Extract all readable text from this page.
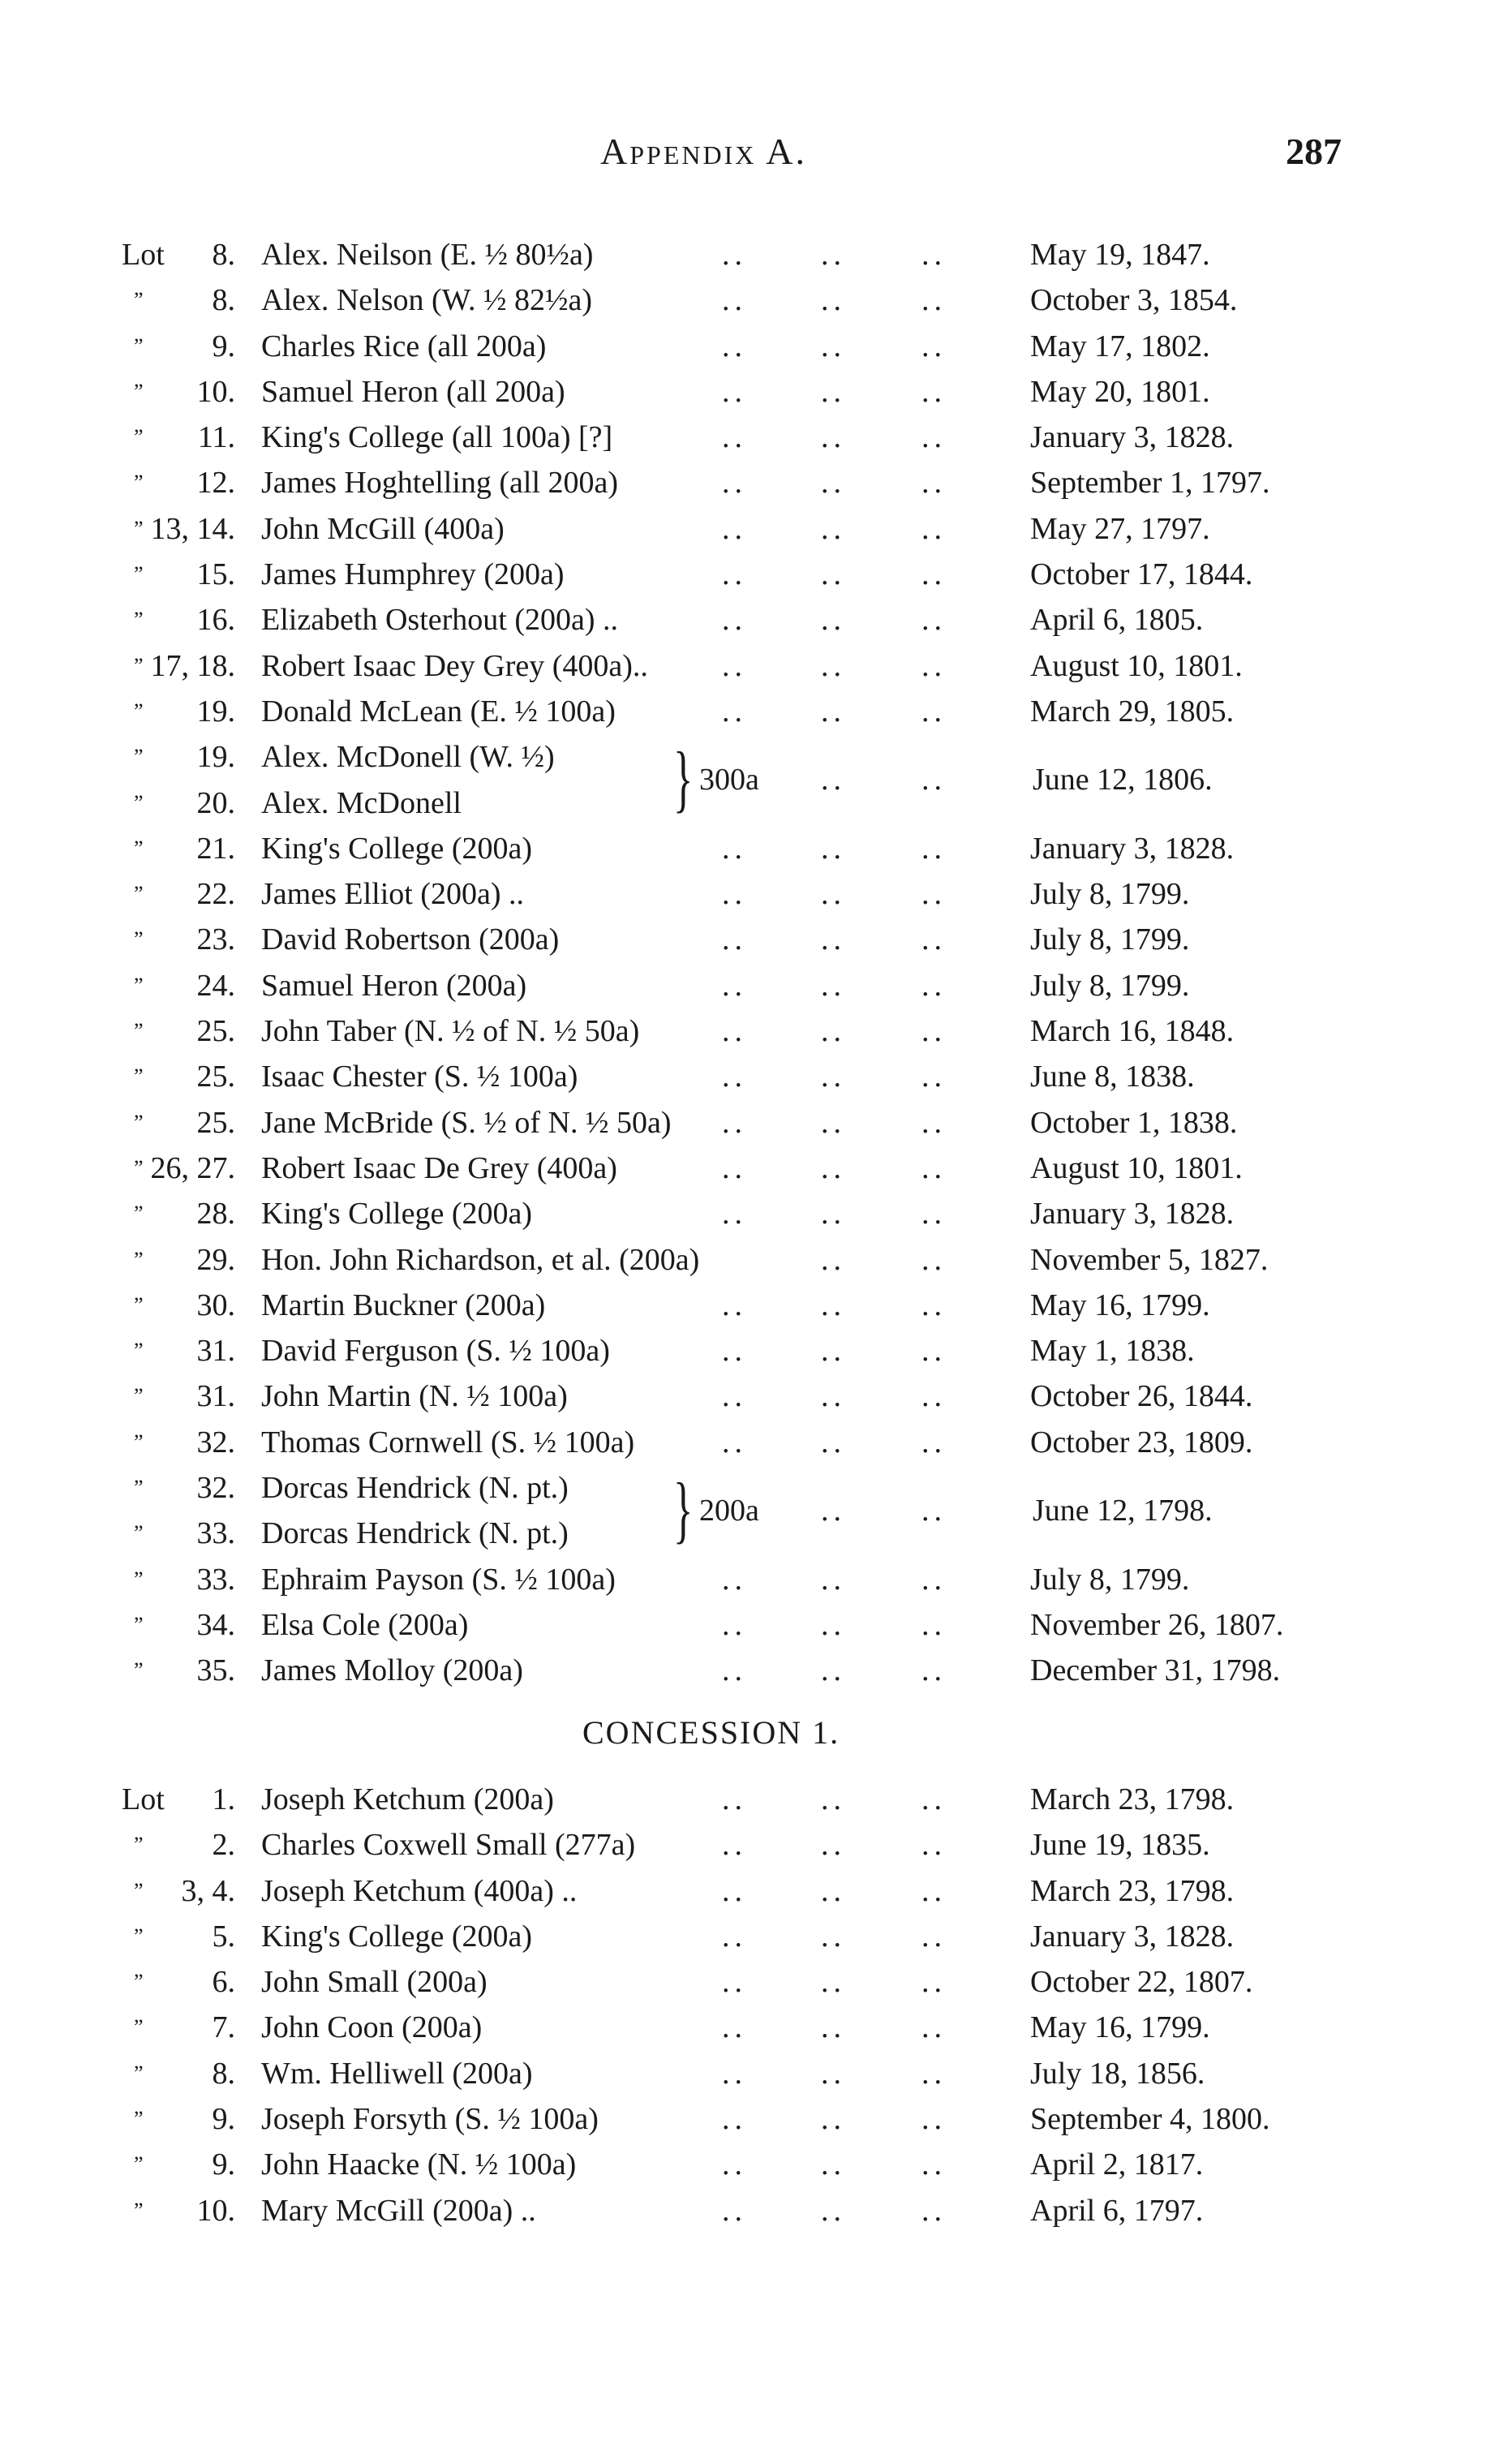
Appendix A.	287
Lot	8. Alex. Neilson (E. ½ 80½a)	.. .. ..	May 19, 1847.
”	8. Alex. Nelson (W. ½ 82½a)	.. .. ..	October 3, 1854.
”	9. Charles Rice (all 200a)	.. .. ..	May 17, 1802.
”	10. Samuel Heron (all 200a)	.. .. ..	May 20, 1801.
”	11. King's College (all 100a) [?]	.. .. ..	January 3, 1828.
”	12. James Hoghtelling (all 200a)	.. .. ..	September 1, 1797.
” 13, 14. John McGill (400a)	.. .. ..	May 27, 1797.
”	15. James Humphrey (200a)	.. .. ..	October 17, 1844.
”	16. Elizabeth Osterhout (200a) ..	.. .. ..	April 6, 1805.
” 17, 18. Robert Isaac Dey Grey (400a).. .. .. ..	August 10, 1801.
”	19. Donald McLean (E. ½ 100a)	.. .. ..	March 29, 1805.
”	19. Alex. McDonell (W. ½)
”	20. Alex. McDonell	} 300a .. ..	June 12, 1806.
”	21. King's College (200a)	.. .. ..	January 3, 1828.
”	22. James Elliot (200a) ..	.. .. ..	July 8, 1799.
”	23. David Robertson (200a)	.. .. ..	July 8, 1799.
”	24. Samuel Heron (200a)	.. .. ..	July 8, 1799.
”	25. John Taber (N. ½ of N. ½ 50a)	.. .. ..	March 16, 1848.
”	25. Isaac Chester (S. ½ 100a)	.. .. ..	June 8, 1838.
”	25. Jane McBride (S. ½ of N. ½ 50a) .. .. ..	October 1, 1838.
” 26, 27. Robert Isaac De Grey (400a)	.. .. ..	August 10, 1801.
”	28. King's College (200a)	.. .. ..	January 3, 1828.
”	29. Hon. John Richardson, et al. (200a)	.. ..	November 5, 1827.
”	30. Martin Buckner (200a)	.. .. ..	May 16, 1799.
”	31. David Ferguson (S. ½ 100a)	.. .. ..	May 1, 1838.
”	31. John Martin (N. ½ 100a)	.. .. ..	October 26, 1844.
”	32. Thomas Cornwell (S. ½ 100a)	.. .. ..	October 23, 1809.
”	32. Dorcas Hendrick (N. pt.)
”	33. Dorcas Hendrick (N. pt.) } 200a .. ..	June 12, 1798.
”	33. Ephraim Payson (S. ½ 100a)	.. .. ..	July 8, 1799.
”	34. Elsa Cole (200a)	.. .. ..	November 26, 1807.
”	35. James Molloy (200a)	.. .. ..	December 31, 1798.
CONCESSION 1.
Lot	1. Joseph Ketchum (200a)	.. .. ..	March 23, 1798.
”	2. Charles Coxwell Small (277a)	.. .. ..	June 19, 1835.
”	3, 4. Joseph Ketchum (400a) ..	.. .. ..	March 23, 1798.
”	5. King's College (200a)	.. .. ..	January 3, 1828.
”	6. John Small (200a)	.. .. ..	October 22, 1807.
”	7. John Coon (200a)	.. .. ..	May 16, 1799.
”	8. Wm. Helliwell (200a)	.. .. ..	July 18, 1856.
”	9. Joseph Forsyth (S. ½ 100a)	.. .. ..	September 4, 1800.
”	9. John Haacke (N. ½ 100a)	.. .. ..	April 2, 1817.
”	10. Mary McGill (200a) ..	.. .. ..	April 6, 1797.
